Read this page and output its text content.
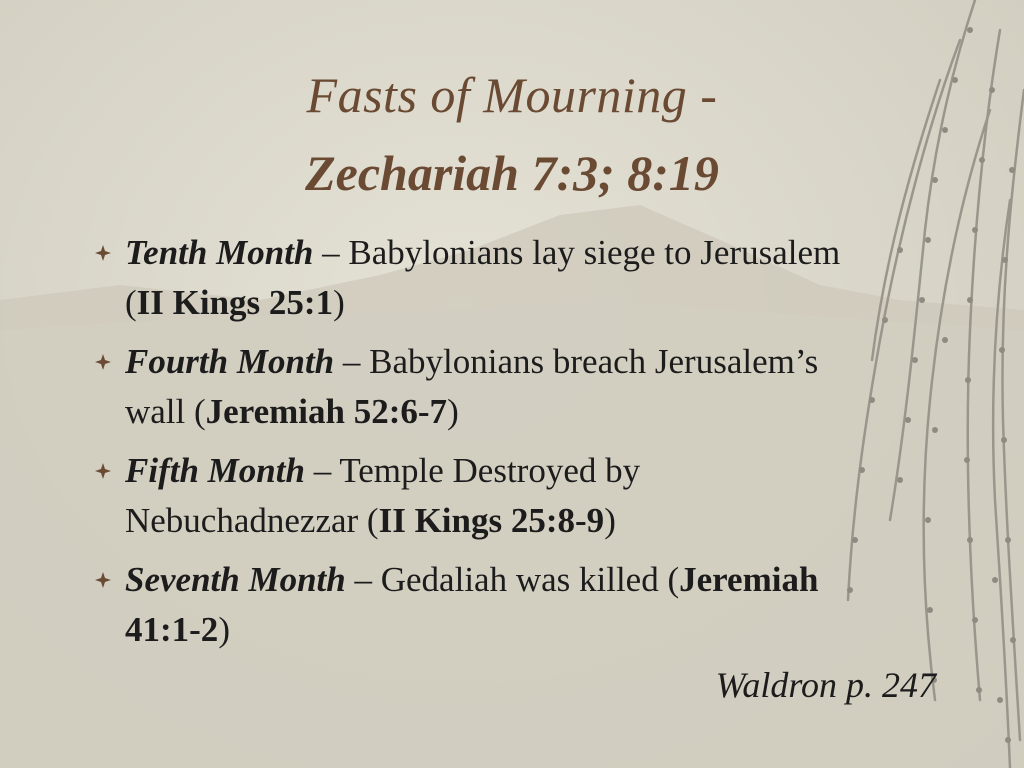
Fasts of Mourning -
Zechariah 7:3; 8:19
Tenth Month – Babylonians lay siege to Jerusalem (II Kings 25:1)
Fourth Month – Babylonians breach Jerusalem’s wall (Jeremiah 52:6-7)
Fifth Month – Temple Destroyed by Nebuchadnezzar (II Kings 25:8-9)
Seventh Month – Gedaliah was killed (Jeremiah 41:1-2)

Waldron p. 247
